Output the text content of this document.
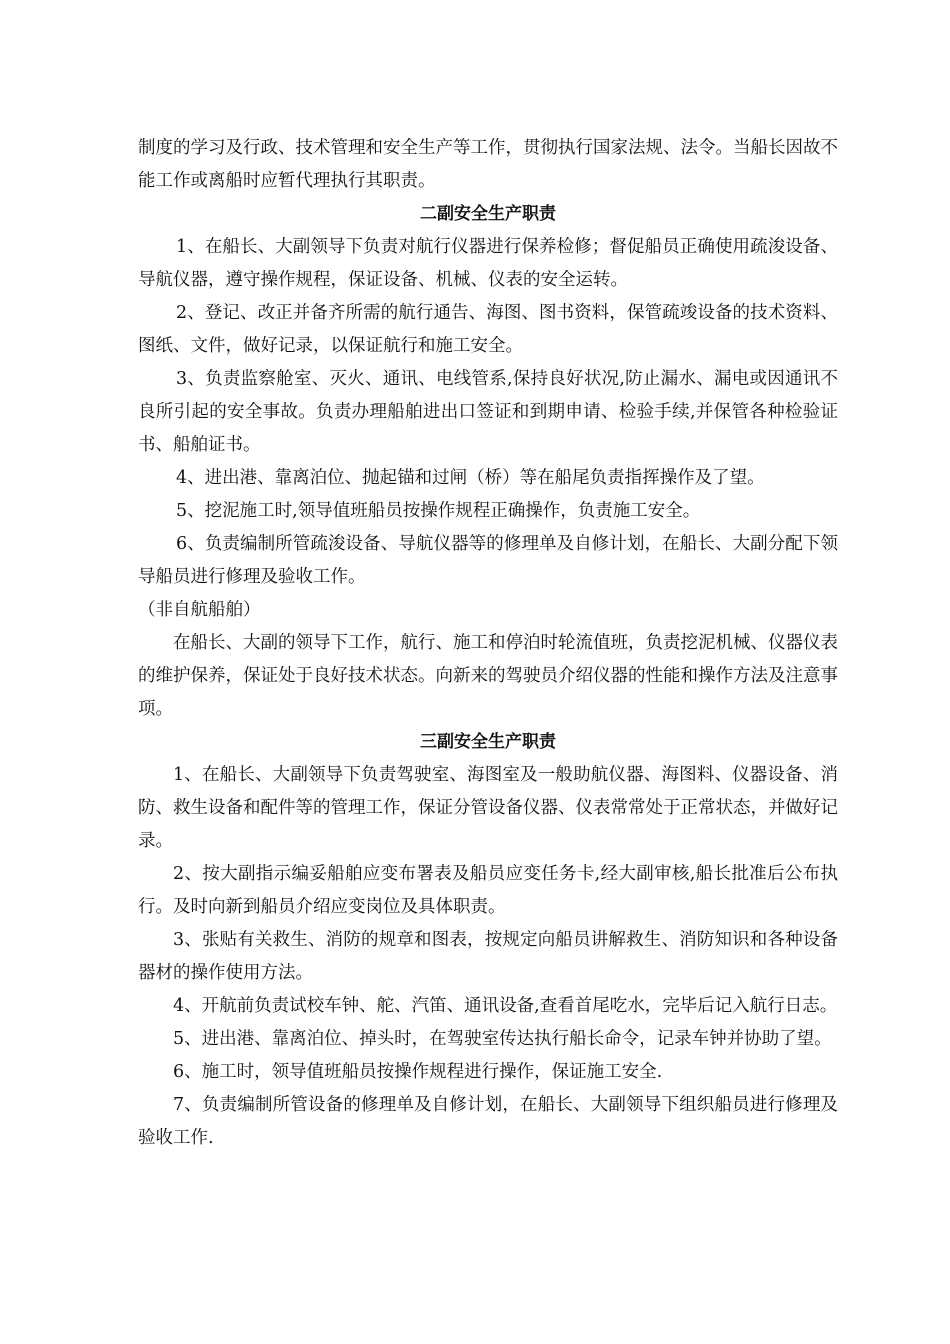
制度的学习及行政、技术管理和安全生产等工作，贯彻执行国家法规、法令。当船长因故不能工作或离船时应暂代理执行其职责。

二副安全生产职责

1、在船长、大副领导下负责对航行仪器进行保养检修；督促船员正确使用疏浚设备、导航仪器，遵守操作规程，保证设备、机械、仪表的安全运转。

2、登记、改正并备齐所需的航行通告、海图、图书资料，保管疏竣设备的技术资料、图纸、文件，做好记录，以保证航行和施工安全。

3、负责监察舱室、灭火、通讯、电线管系,保持良好状况,防止漏水、漏电或因通讯不良所引起的安全事故。负责办理船舶进出口签证和到期申请、检验手续,并保管各种检验证书、船舶证书。

4、进出港、靠离泊位、抛起锚和过闸（桥）等在船尾负责指挥操作及了望。

5、挖泥施工时,领导值班船员按操作规程正确操作，负责施工安全。

6、负责编制所管疏浚设备、导航仪器等的修理单及自修计划，在船长、大副分配下领导船员进行修理及验收工作。

（非自航船舶）

在船长、大副的领导下工作，航行、施工和停泊时轮流值班，负责挖泥机械、仪器仪表的维护保养，保证处于良好技术状态。向新来的驾驶员介绍仪器的性能和操作方法及注意事项。

三副安全生产职责

1、在船长、大副领导下负责驾驶室、海图室及一般助航仪器、海图料、仪器设备、消防、救生设备和配件等的管理工作，保证分管设备仪器、仪表常常处于正常状态，并做好记录。

2、按大副指示编妥船舶应变布署表及船员应变任务卡,经大副审核,船长批准后公布执行。及时向新到船员介绍应变岗位及具体职责。

3、张贴有关救生、消防的规章和图表，按规定向船员讲解救生、消防知识和各种设备器材的操作使用方法。

4、开航前负责试校车钟、舵、汽笛、通讯设备,查看首尾吃水，完毕后记入航行日志。

5、进出港、靠离泊位、掉头时，在驾驶室传达执行船长命令，记录车钟并协助了望。

6、施工时，领导值班船员按操作规程进行操作，保证施工安全.

7、负责编制所管设备的修理单及自修计划，在船长、大副领导下组织船员进行修理及验收工作.
